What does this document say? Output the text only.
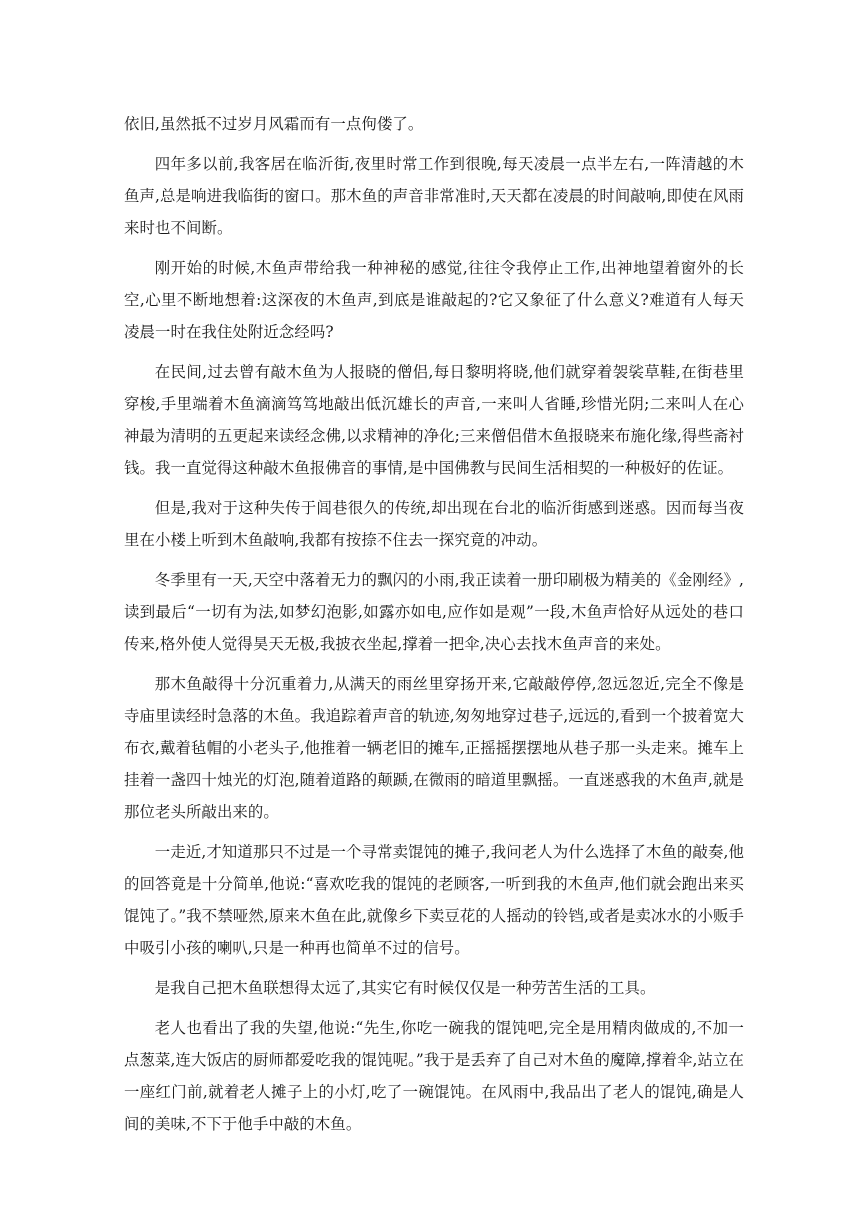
依旧,虽然抵不过岁月风霜而有一点佝偻了。

四年多以前,我客居在临沂街,夜里时常工作到很晚,每天凌晨一点半左右,一阵清越的木鱼声,总是响进我临街的窗口。那木鱼的声音非常准时,天天都在凌晨的时间敲响,即使在风雨来时也不间断。

刚开始的时候,木鱼声带给我一种神秘的感觉,往往令我停止工作,出神地望着窗外的长空,心里不断地想着:这深夜的木鱼声,到底是谁敲起的?它又象征了什么意义?难道有人每天凌晨一时在我住处附近念经吗?

在民间,过去曾有敲木鱼为人报晓的僧侣,每日黎明将晓,他们就穿着袈裟草鞋,在街巷里穿梭,手里端着木鱼滴滴笃笃地敲出低沉雄长的声音,一来叫人省睡,珍惜光阴;二来叫人在心神最为清明的五更起来读经念佛,以求精神的净化;三来僧侣借木鱼报晓来布施化缘,得些斋衬钱。我一直觉得这种敲木鱼报佛音的事情,是中国佛教与民间生活相契的一种极好的佐证。

但是,我对于这种失传于闾巷很久的传统,却出现在台北的临沂街感到迷惑。因而每当夜里在小楼上听到木鱼敲响,我都有按捺不住去一探究竟的冲动。

冬季里有一天,天空中落着无力的飘闪的小雨,我正读着一册印刷极为精美的《金刚经》,读到最后“一切有为法,如梦幻泡影,如露亦如电,应作如是观”一段,木鱼声恰好从远处的巷口传来,格外使人觉得昊天无极,我披衣坐起,撑着一把伞,决心去找木鱼声音的来处。

那木鱼敲得十分沉重着力,从满天的雨丝里穿扬开来,它敲敲停停,忽远忽近,完全不像是寺庙里读经时急落的木鱼。我追踪着声音的轨迹,匆匆地穿过巷子,远远的,看到一个披着宽大布衣,戴着毡帽的小老头子,他推着一辆老旧的摊车,正摇摇摆摆地从巷子那一头走来。摊车上挂着一盏四十烛光的灯泡,随着道路的颠踬,在微雨的暗道里飘摇。一直迷惑我的木鱼声,就是那位老头所敲出来的。

一走近,才知道那只不过是一个寻常卖馄饨的摊子,我问老人为什么选择了木鱼的敲奏,他的回答竟是十分简单,他说:“喜欢吃我的馄饨的老顾客,一听到我的木鱼声,他们就会跑出来买馄饨了。”我不禁哑然,原来木鱼在此,就像乡下卖豆花的人摇动的铃铛,或者是卖冰水的小贩手中吸引小孩的喇叭,只是一种再也简单不过的信号。

是我自己把木鱼联想得太远了,其实它有时候仅仅是一种劳苦生活的工具。

老人也看出了我的失望,他说:“先生,你吃一碗我的馄饨吧,完全是用精肉做成的,不加一点葱菜,连大饭店的厨师都爱吃我的馄饨呢。”我于是丢弃了自己对木鱼的魔障,撑着伞,站立在一座红门前,就着老人摊子上的小灯,吃了一碗馄饨。在风雨中,我品出了老人的馄饨,确是人间的美味,不下于他手中敲的木鱼。
